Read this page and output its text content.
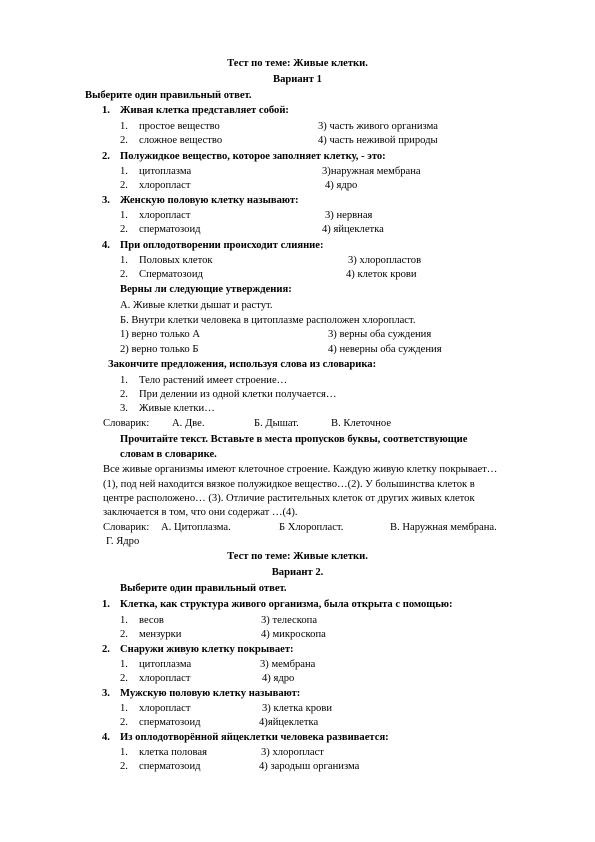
Тест по теме: Живые клетки.
Вариант 1
Выберите один правильный ответ.
1. Живая клетка представляет собой:
1. простое вещество	3) часть живого организма
2. сложное вещество	4) часть неживой природы
2. Полужидкое вещество, которое заполняет клетку, - это:
1. цитоплазма	3)наружная мембрана
2. хлоропласт	4) ядро
3. Женскую половую клетку называют:
1. хлоропласт	3) нервная
2. сперматозоид	4) яйцеклетка
4. При оплодотворении происходит слияние:
1. Половых клеток	3) хлоропластов
2. Сперматозоид	4) клеток крови
Верны ли следующие утверждения:
А. Живые клетки дышат и растут.
Б. Внутри клетки человека в цитоплазме расположен хлоропласт.
1) верно только А	3) верны оба суждения
2) верно только Б	4) неверны оба суждения
Закончите предложения, используя слова из словарика:
1. Тело растений имеет строение…
2. При делении из одной клетки получается…
3. Живые клетки…
Словарик: А. Две.	Б. Дышат.	В. Клеточное
Прочитайте текст. Вставьте в места пропусков буквы, соответствующие
словам в словарике.
Все живые организмы имеют клеточное строение. Каждую живую клетку покрывает…
(1), под ней находится вязкое полужидкое вещество…(2). У большинства клеток в
центре расположено… (3). Отличие растительных клеток от других живых клеток
заключается в том, что они содержат …(4).
Словарик: А. Цитоплазма.	Б Хлоропласт.	В. Наружная мембрана.
Г. Ядро
Тест по теме: Живые клетки.
Вариант 2.
Выберите один правильный ответ.
1. Клетка, как структура живого организма, была открыта с помощью:
1. весов	3) телескопа
2. мензурки	4) микроскопа
2. Снаружи живую клетку покрывает:
1. цитоплазма	3) мембрана
2. хлоропласт	4) ядро
3. Мужскую половую клетку называют:
1. хлоропласт	3) клетка крови
2. сперматозоид	4)яйцеклетка
4. Из оплодотворённой яйцеклетки человека развивается:
1. клетка половая	3) хлоропласт
2. сперматозоид	4) зародыш организма
